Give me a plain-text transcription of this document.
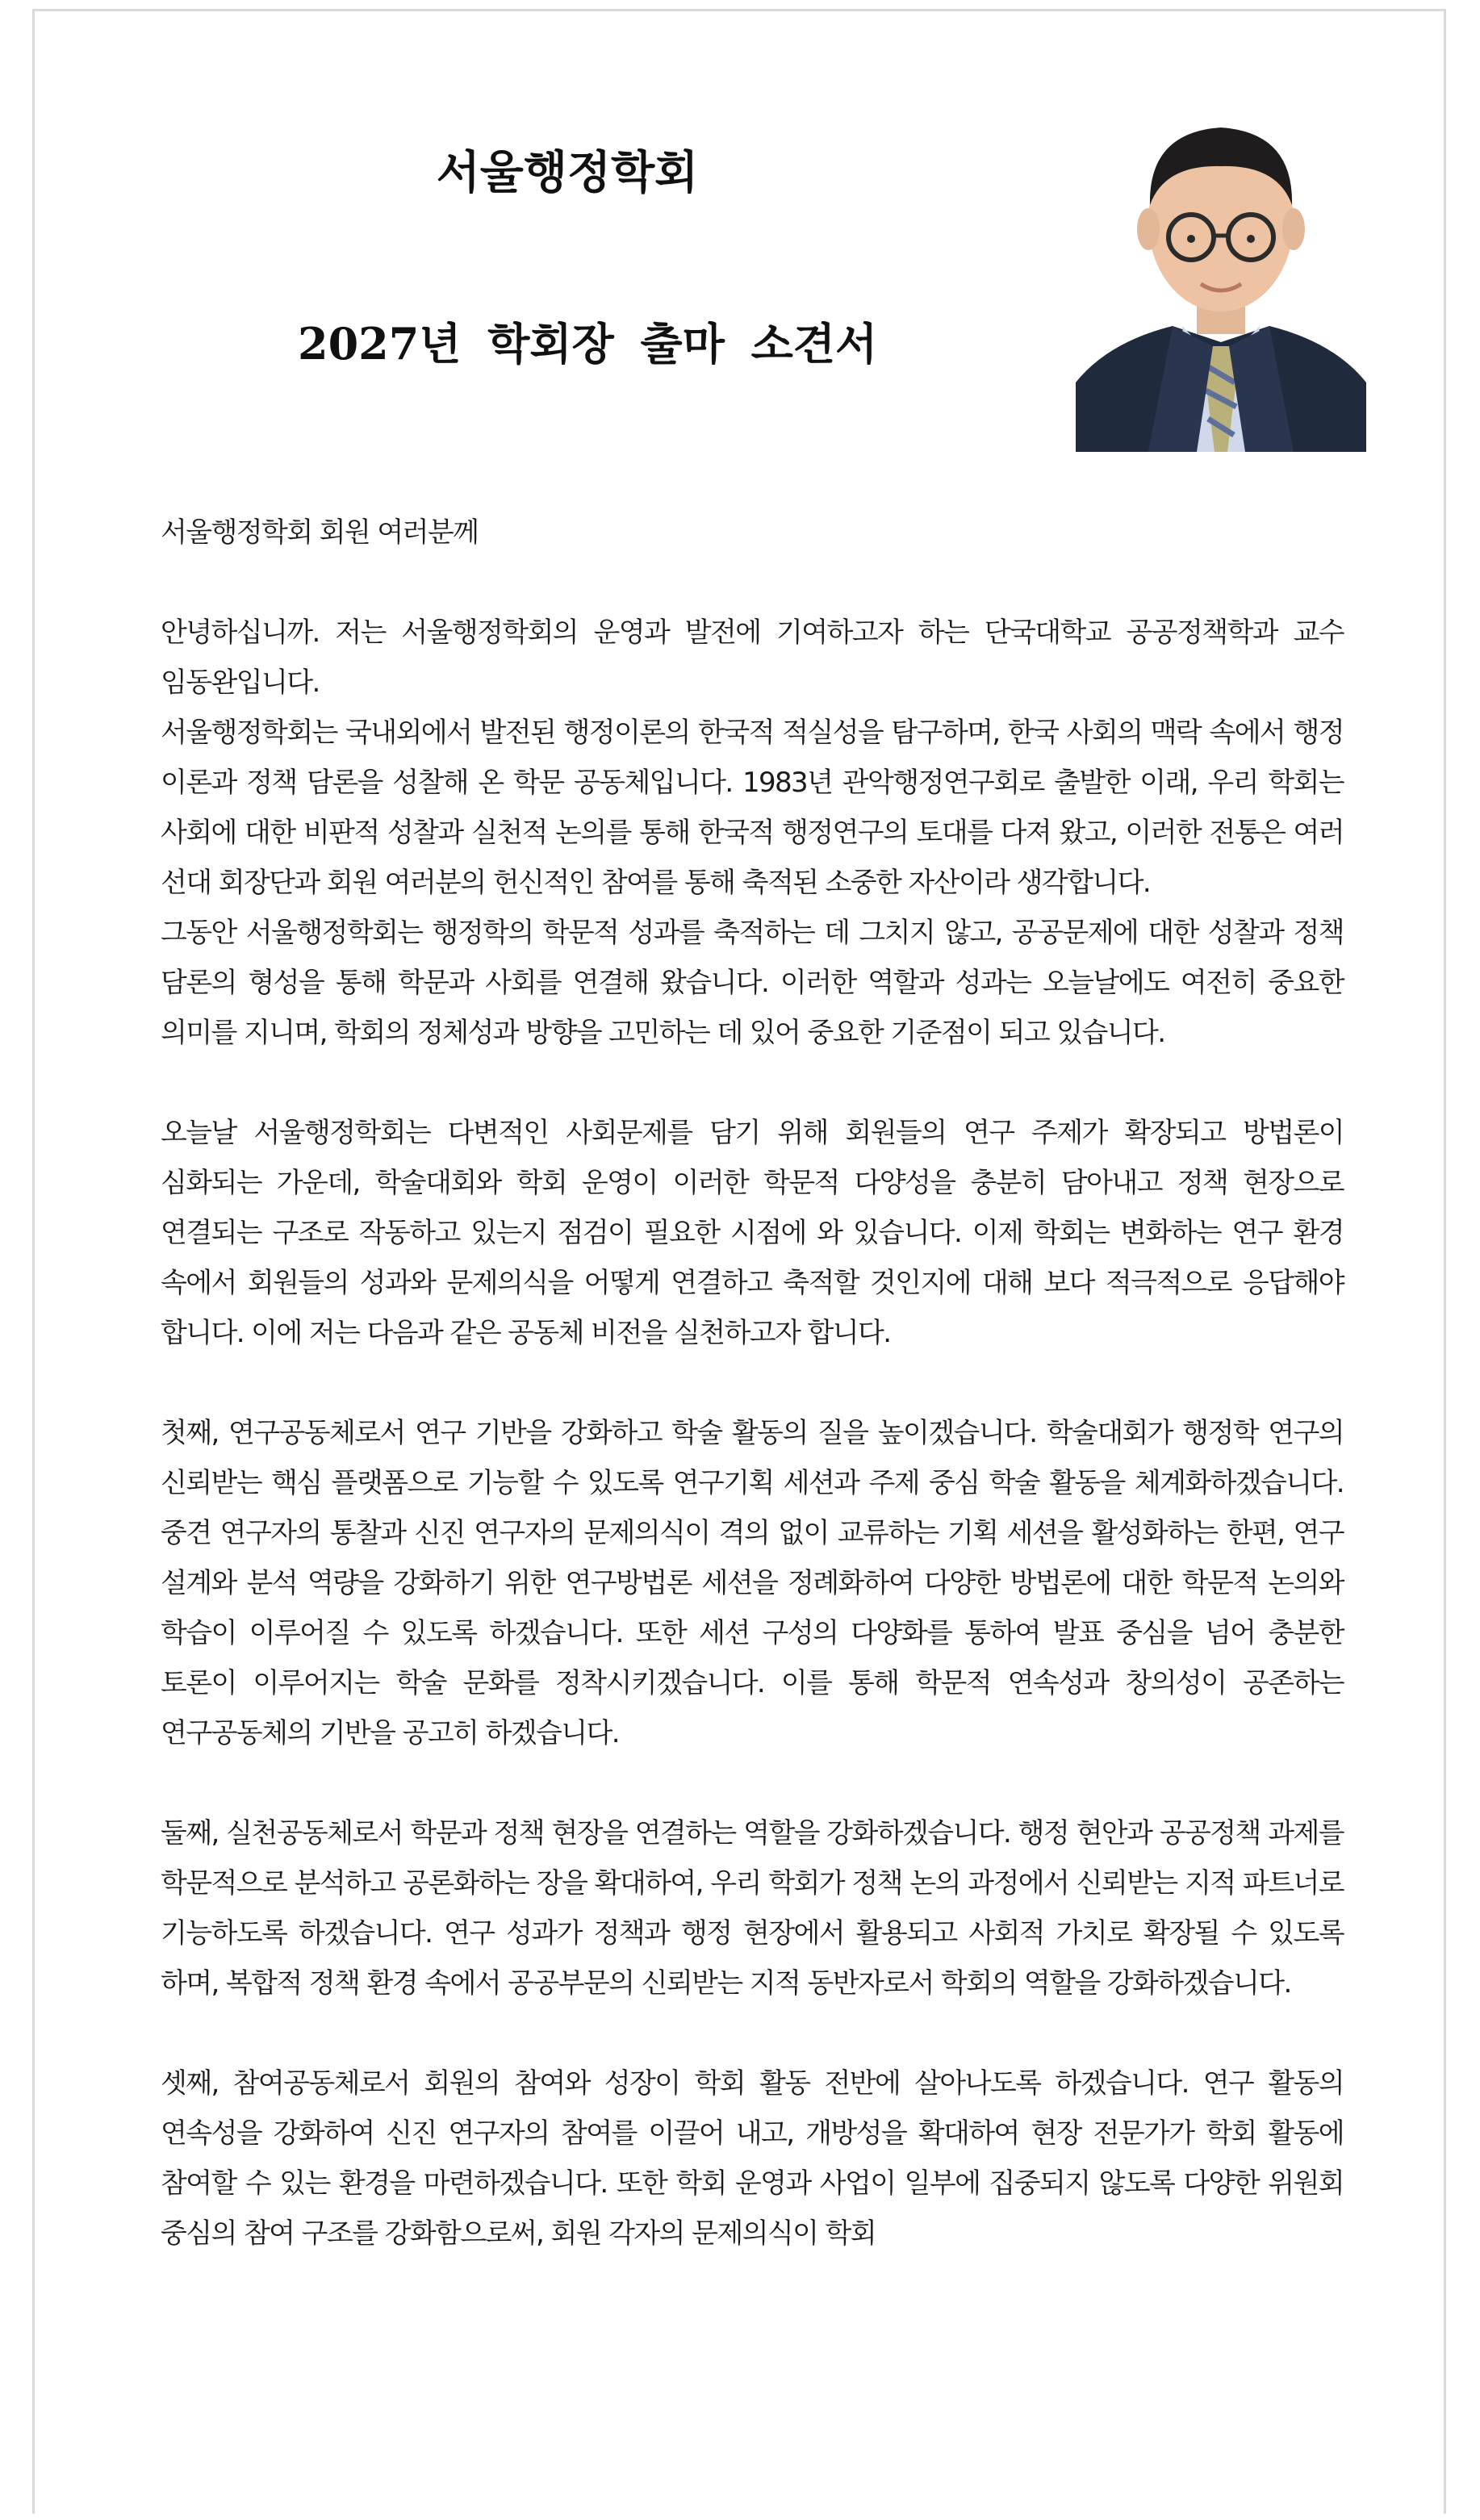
서울행정학회
2027년 학회장 출마 소견서

서울행정학회 회원 여러분께

안녕하십니까. 저는 서울행정학회의 운영과 발전에 기여하고자 하는 단국대학교 공공정책학과 교수 임동완입니다.

서울행정학회는 국내외에서 발전된 행정이론의 한국적 적실성을 탐구하며, 한국 사회의 맥락 속에서 행정 이론과 정책 담론을 성찰해 온 학문 공동체입니다. 1983년 관악행정연구회로 출발한 이래, 우리 학회는 사회에 대한 비판적 성찰과 실천적 논의를 통해 한국적 행정연구의 토대를 다져 왔고, 이러한 전통은 여러 선대 회장단과 회원 여러분의 헌신적인 참여를 통해 축적된 소중한 자산이라 생각합니다.

그동안 서울행정학회는 행정학의 학문적 성과를 축적하는 데 그치지 않고, 공공문제에 대한 성찰과 정책 담론의 형성을 통해 학문과 사회를 연결해 왔습니다. 이러한 역할과 성과는 오늘날에도 여전히 중요한 의미를 지니며, 학회의 정체성과 방향을 고민하는 데 있어 중요한 기준점이 되고 있습니다.

오늘날 서울행정학회는 다변적인 사회문제를 담기 위해 회원들의 연구 주제가 확장되고 방법론이 심화되는 가운데, 학술대회와 학회 운영이 이러한 학문적 다양성을 충분히 담아내고 정책 현장으로 연결되는 구조로 작동하고 있는지 점검이 필요한 시점에 와 있습니다. 이제 학회는 변화하는 연구 환경 속에서 회원들의 성과와 문제의식을 어떻게 연결하고 축적할 것인지에 대해 보다 적극적으로 응답해야 합니다. 이에 저는 다음과 같은 공동체 비전을 실천하고자 합니다.

첫째, 연구공동체로서 연구 기반을 강화하고 학술 활동의 질을 높이겠습니다. 학술대회가 행정학 연구의 신뢰받는 핵심 플랫폼으로 기능할 수 있도록 연구기획 세션과 주제 중심 학술 활동을 체계화하겠습니다. 중견 연구자의 통찰과 신진 연구자의 문제의식이 격의 없이 교류하는 기획 세션을 활성화하는 한편, 연구 설계와 분석 역량을 강화하기 위한 연구방법론 세션을 정례화하여 다양한 방법론에 대한 학문적 논의와 학습이 이루어질 수 있도록 하겠습니다. 또한 세션 구성의 다양화를 통하여 발표 중심을 넘어 충분한 토론이 이루어지는 학술 문화를 정착시키겠습니다. 이를 통해 학문적 연속성과 창의성이 공존하는 연구공동체의 기반을 공고히 하겠습니다.

둘째, 실천공동체로서 학문과 정책 현장을 연결하는 역할을 강화하겠습니다. 행정 현안과 공공정책 과제를 학문적으로 분석하고 공론화하는 장을 확대하여, 우리 학회가 정책 논의 과정에서 신뢰받는 지적 파트너로 기능하도록 하겠습니다. 연구 성과가 정책과 행정 현장에서 활용되고 사회적 가치로 확장될 수 있도록 하며, 복합적 정책 환경 속에서 공공부문의 신뢰받는 지적 동반자로서 학회의 역할을 강화하겠습니다.

셋째, 참여공동체로서 회원의 참여와 성장이 학회 활동 전반에 살아나도록 하겠습니다. 연구 활동의 연속성을 강화하여 신진 연구자의 참여를 이끌어 내고, 개방성을 확대하여 현장 전문가가 학회 활동에 참여할 수 있는 환경을 마련하겠습니다. 또한 학회 운영과 사업이 일부에 집중되지 않도록 다양한 위원회 중심의 참여 구조를 강화함으로써, 회원 각자의 문제의식이 학회
